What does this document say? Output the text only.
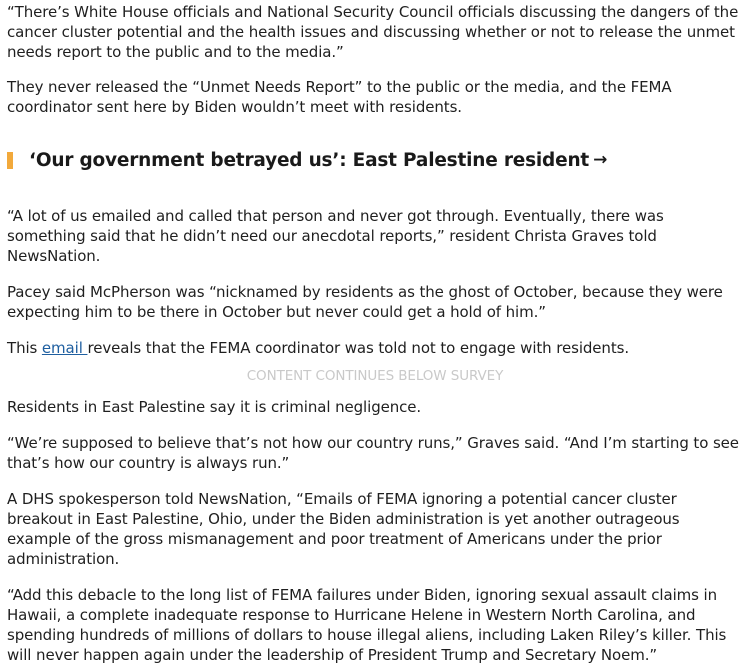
“There’s White House officials and National Security Council officials discussing the dangers of the cancer cluster potential and the health issues and discussing whether or not to release the unmet needs report to the public and to the media.”

They never released the “Unmet Needs Report” to the public or the media, and the FEMA coordinator sent here by Biden wouldn’t meet with residents.

‘Our government betrayed us’: East Palestine resident →

“A lot of us emailed and called that person and never got through. Eventually, there was something said that he didn’t need our anecdotal reports,” resident Christa Graves told NewsNation.

Pacey said McPherson was “nicknamed by residents as the ghost of October, because they were expecting him to be there in October but never could get a hold of him.”

This email reveals that the FEMA coordinator was told not to engage with residents.

CONTENT CONTINUES BELOW SURVEY

Residents in East Palestine say it is criminal negligence.

“We’re supposed to believe that’s not how our country runs,” Graves said. “And I’m starting to see that’s how our country is always run.”

A DHS spokesperson told NewsNation, “Emails of FEMA ignoring a potential cancer cluster breakout in East Palestine, Ohio, under the Biden administration is yet another outrageous example of the gross mismanagement and poor treatment of Americans under the prior administration.

“Add this debacle to the long list of FEMA failures under Biden, ignoring sexual assault claims in Hawaii, a complete inadequate response to Hurricane Helene in Western North Carolina, and spending hundreds of millions of dollars to house illegal aliens, including Laken Riley’s killer. This will never happen again under the leadership of President Trump and Secretary Noem.”
